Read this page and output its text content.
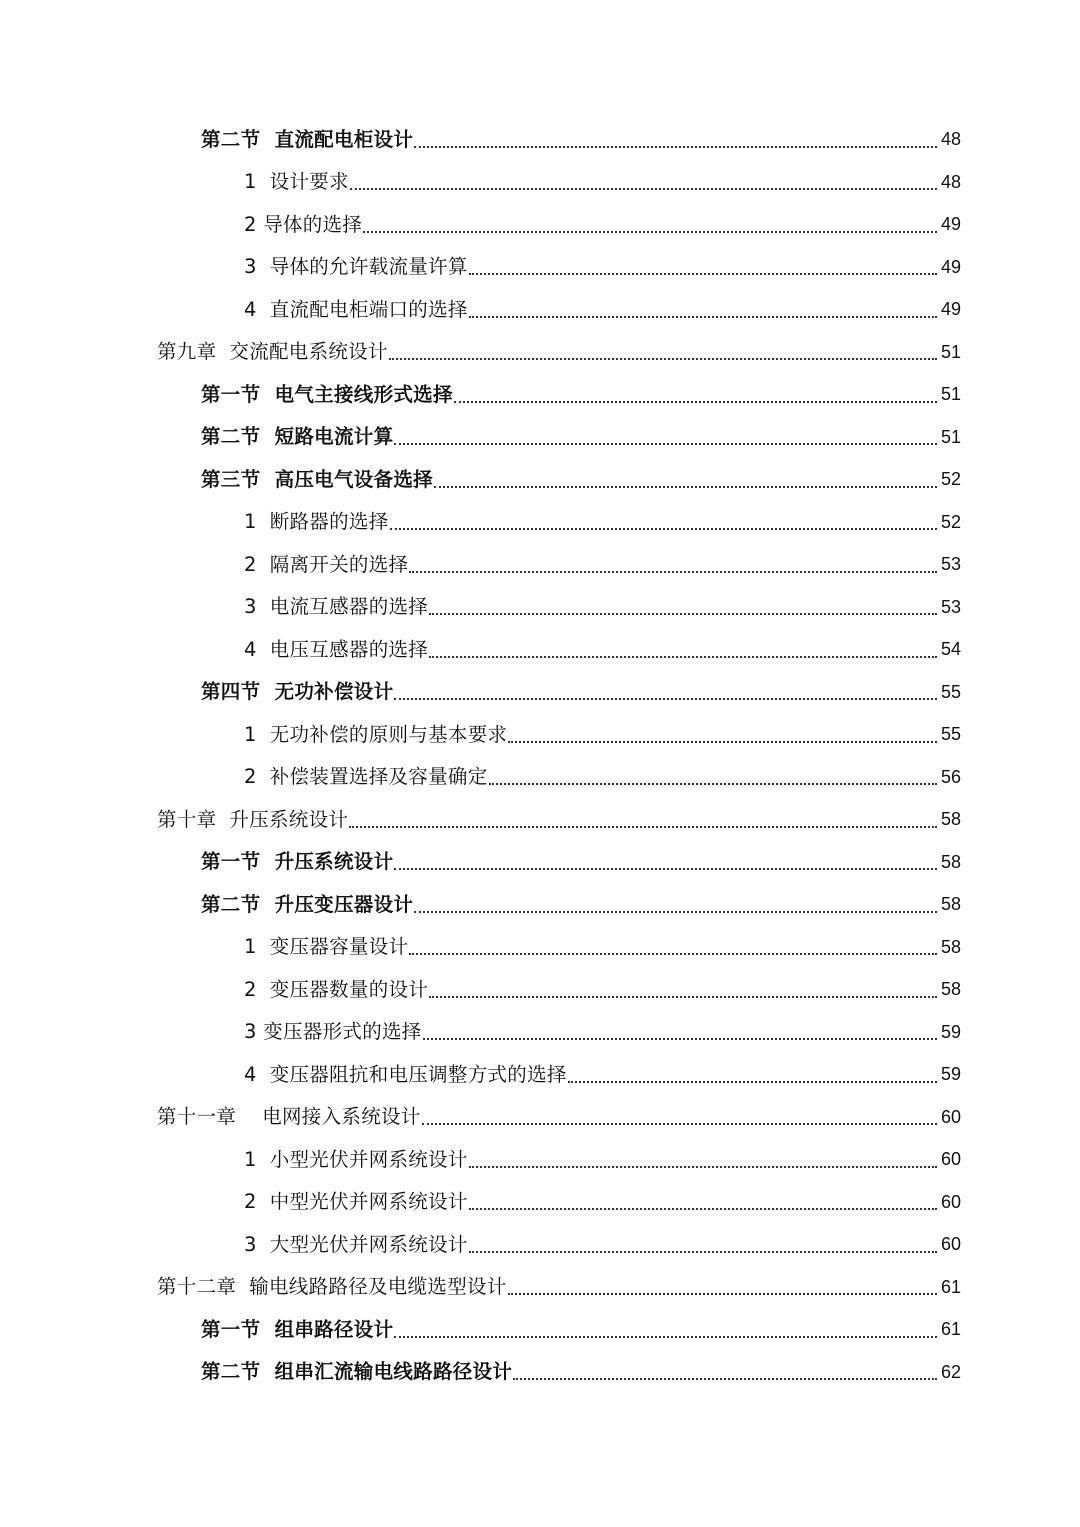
第二节  直流配电柜设计	48
1  设计要求	48
2 导体的选择	49
3  导体的允许载流量许算	49
4  直流配电柜端口的选择	49
第九章  交流配电系统设计	51
第一节  电气主接线形式选择	51
第二节  短路电流计算	51
第三节  高压电气设备选择	52
1  断路器的选择	52
2  隔离开关的选择	53
3  电流互感器的选择	53
4  电压互感器的选择	54
第四节  无功补偿设计	55
1  无功补偿的原则与基本要求	55
2  补偿装置选择及容量确定	56
第十章  升压系统设计	58
第一节  升压系统设计	58
第二节  升压变压器设计	58
1  变压器容量设计	58
2  变压器数量的设计	58
3 变压器形式的选择	59
4  变压器阻抗和电压调整方式的选择	59
第十一章    电网接入系统设计	60
1  小型光伏并网系统设计	60
2  中型光伏并网系统设计	60
3  大型光伏并网系统设计	60
第十二章  输电线路路径及电缆选型设计	61
第一节  组串路径设计	61
第二节  组串汇流输电线路路径设计	62
